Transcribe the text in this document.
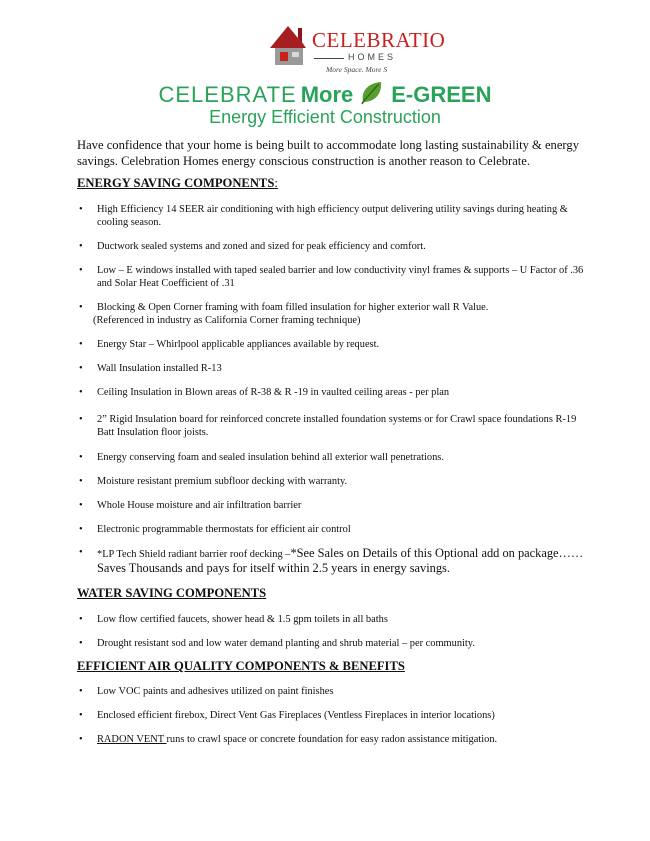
CELEBRATIO
HOMES
More Space. More S
CELEBRATE More E-GREEN
Energy Efficient Construction
Have confidence that your home is being built to accommodate long lasting sustainability & energy savings. Celebration Homes energy conscious construction is another reason to Celebrate.
ENERGY SAVING COMPONENTS:
• High Efficiency 14 SEER air conditioning with high efficiency output delivering utility savings during heating & cooling season.
• Ductwork sealed systems and zoned and sized for peak efficiency and comfort.
• Low – E windows installed with taped sealed barrier and low conductivity vinyl frames & supports – U Factor of .36 and Solar Heat Coefficient of .31
• Blocking & Open Corner framing with foam filled insulation for higher exterior wall R Value.
(Referenced in industry as California Corner framing technique)
• Energy Star – Whirlpool applicable appliances available by request.
• Wall Insulation installed R-13
• Ceiling Insulation in Blown areas of R-38 & R -19 in vaulted ceiling areas - per plan
• 2” Rigid Insulation board for reinforced concrete installed foundation systems or for Crawl space foundations R-19 Batt Insulation floor joists.
• Energy conserving foam and sealed insulation behind all exterior wall penetrations.
• Moisture resistant premium subfloor decking with warranty.
• Whole House moisture and air infiltration barrier
• Electronic programmable thermostats for efficient air control
• *LP Tech Shield radiant barrier roof decking –*See Sales on Details of this Optional add on package……Saves Thousands and pays for itself within 2.5 years in energy savings.
WATER SAVING COMPONENTS
• Low flow certified faucets, shower head & 1.5 gpm toilets in all baths
• Drought resistant sod and low water demand planting and shrub material – per community.
EFFICIENT AIR QUALITY COMPONENTS & BENEFITS
• Low VOC paints and adhesives utilized on paint finishes
• Enclosed efficient firebox, Direct Vent Gas Fireplaces (Ventless Fireplaces in interior locations)
• RADON VENT runs to crawl space or concrete foundation for easy radon assistance mitigation.
